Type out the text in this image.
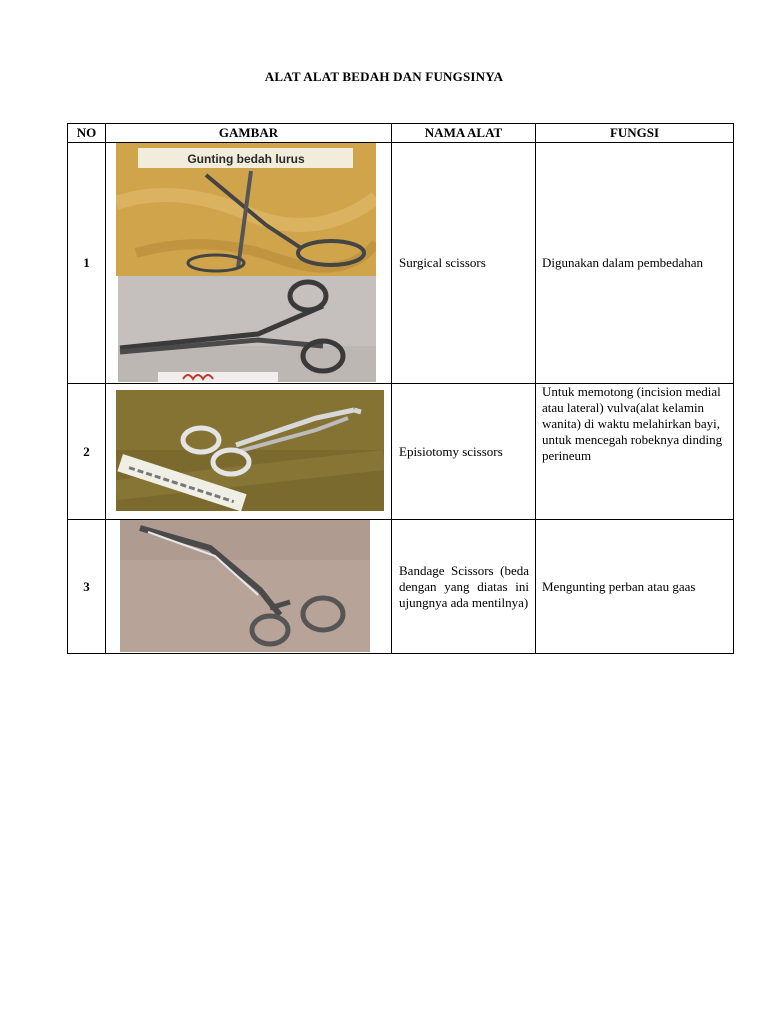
ALAT ALAT BEDAH DAN FUNGSINYA
NO	GAMBAR	NAMA ALAT	FUNGSI
1	Gunting bedah lurus	Surgical scissors	Digunakan dalam pembedahan
2		Episiotomy scissors	Untuk memotong (incision medial atau lateral) vulva(alat kelamin wanita) di waktu melahirkan bayi, untuk mencegah robeknya dinding perineum
3		Bandage Scissors (beda dengan yang diatas ini ujungnya ada mentilnya)	Mengunting perban atau gaas
